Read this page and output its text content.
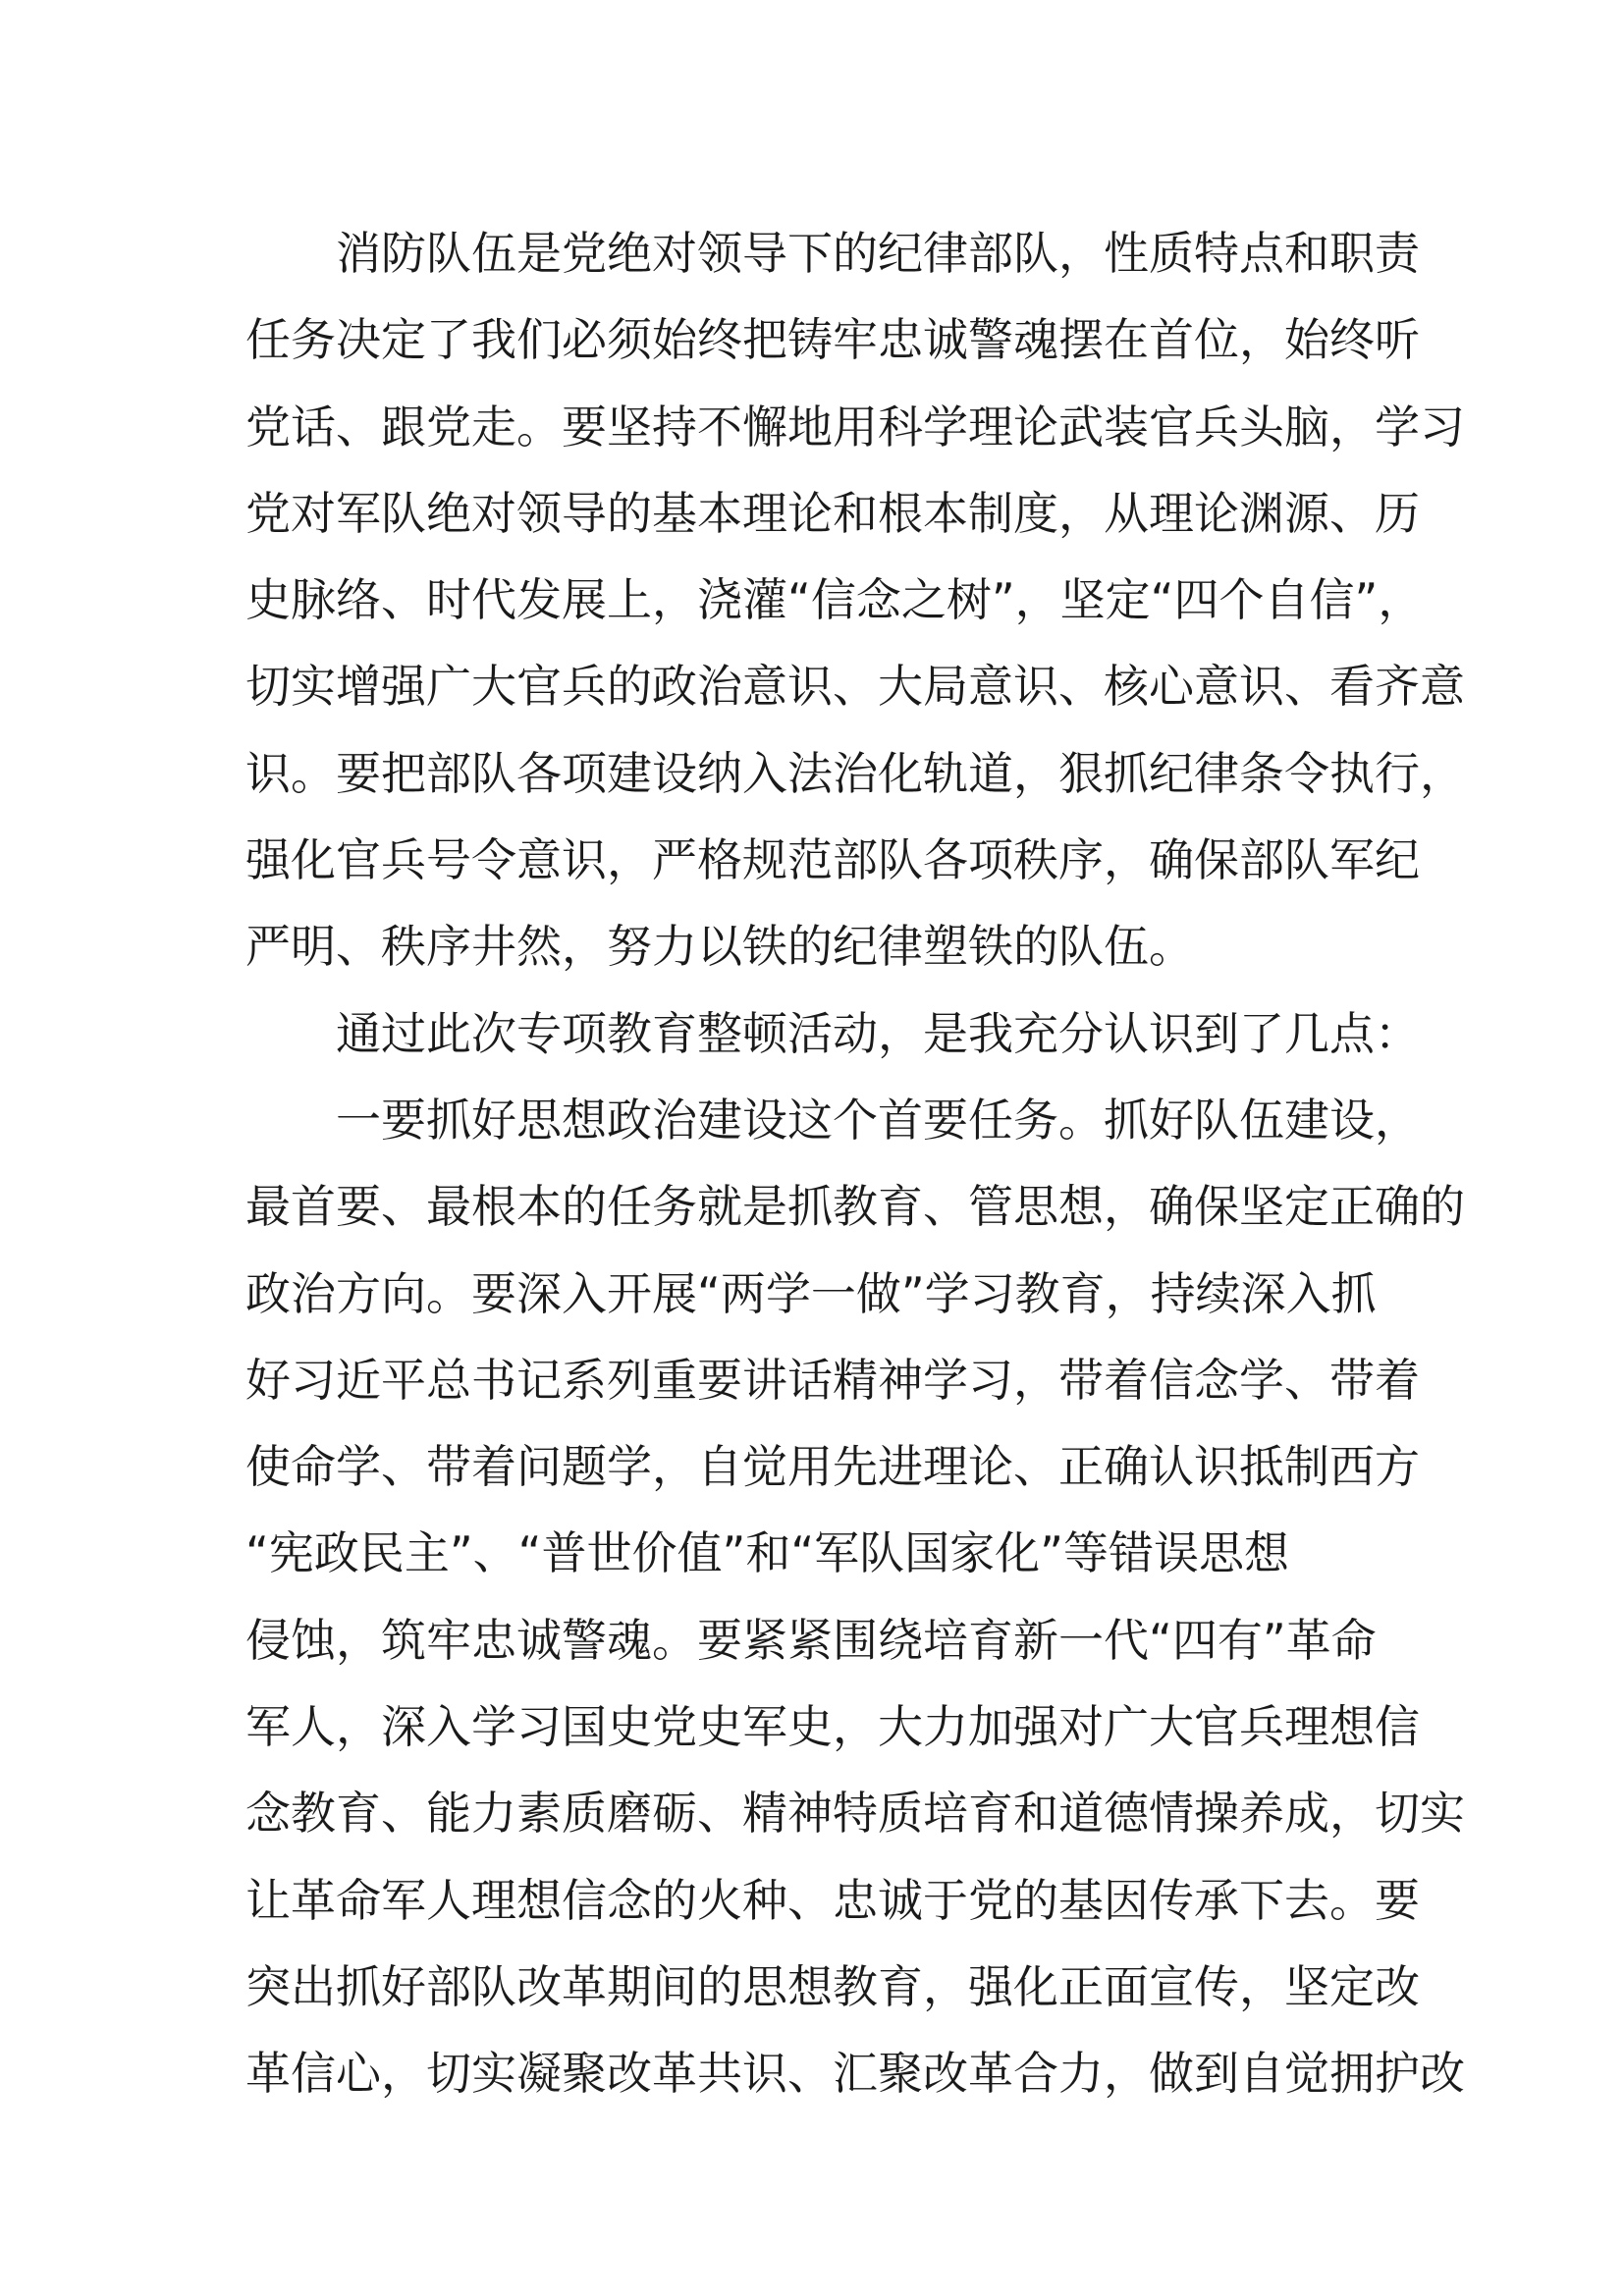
消防队伍是党绝对领导下的纪律部队，性质特点和职责
任务决定了我们必须始终把铸牢忠诚警魂摆在首位，始终听
党话、跟党走。要坚持不懈地用科学理论武装官兵头脑，学习
党对军队绝对领导的基本理论和根本制度，从理论渊源、历
史脉络、时代发展上，浇灌“信念之树”，坚定“四个自信”，
切实增强广大官兵的政治意识、大局意识、核心意识、看齐意
识。要把部队各项建设纳入法治化轨道，狠抓纪律条令执行，
强化官兵号令意识，严格规范部队各项秩序，确保部队军纪
严明、秩序井然，努力以铁的纪律塑铁的队伍。
通过此次专项教育整顿活动，是我充分认识到了几点：
一要抓好思想政治建设这个首要任务。抓好队伍建设，
最首要、最根本的任务就是抓教育、管思想，确保坚定正确的
政治方向。要深入开展“两学一做”学习教育，持续深入抓
好习近平总书记系列重要讲话精神学习，带着信念学、带着
使命学、带着问题学，自觉用先进理论、正确认识抵制西方
“宪政民主”、“普世价值”和“军队国家化”等错误思想
侵蚀，筑牢忠诚警魂。要紧紧围绕培育新一代“四有”革命
军人，深入学习国史党史军史，大力加强对广大官兵理想信
念教育、能力素质磨砺、精神特质培育和道德情操养成，切实
让革命军人理想信念的火种、忠诚于党的基因传承下去。要
突出抓好部队改革期间的思想教育，强化正面宣传，坚定改
革信心，切实凝聚改革共识、汇聚改革合力，做到自觉拥护改
